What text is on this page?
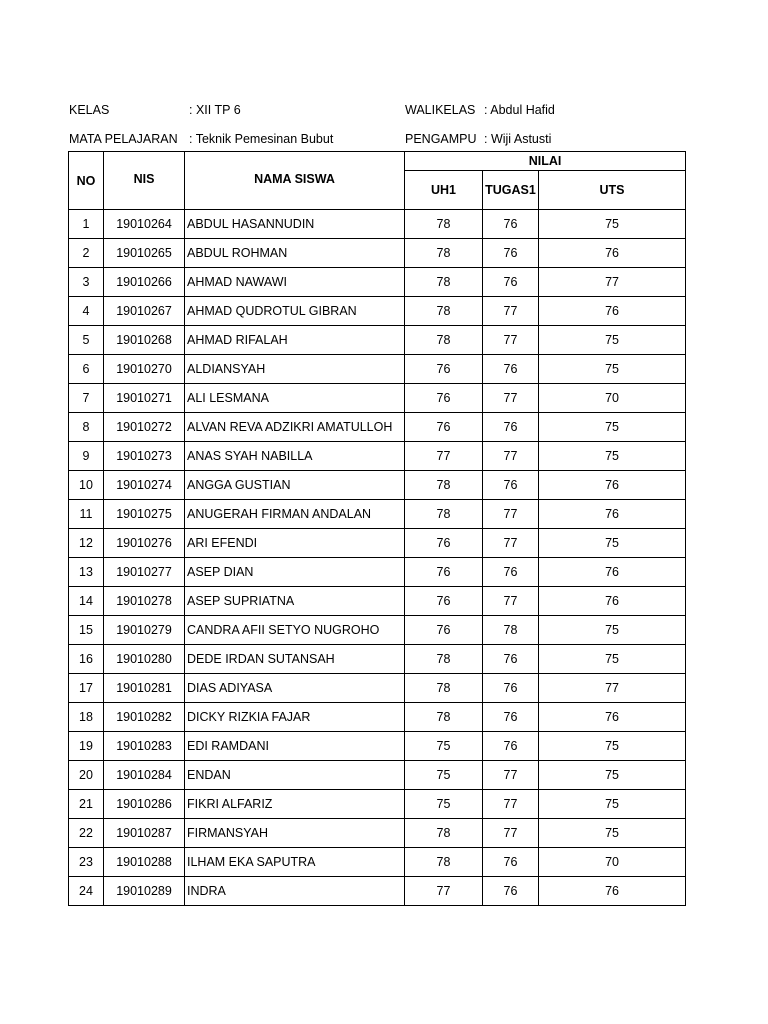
KELAS	: XII TP 6	WALIKELAS : Abdul Hafid
MATA PELAJARAN : Teknik Pemesinan Bubut	PENGAMPU : Wiji Astusti
NO	NIS	NAMA SISWA	NILAI		
			UH1	TUGAS1	UTS
1	19010264	ABDUL HASANNUDIN	78	76	75
2	19010265	ABDUL ROHMAN	78	76	76
3	19010266	AHMAD NAWAWI	78	76	77
4	19010267	AHMAD QUDROTUL GIBRAN	78	77	76
5	19010268	AHMAD RIFALAH	78	77	75
6	19010270	ALDIANSYAH	76	76	75
7	19010271	ALI LESMANA	76	77	70
8	19010272	ALVAN REVA ADZIKRI AMATULLOH	76	76	75
9	19010273	ANAS SYAH NABILLA	77	77	75
10	19010274	ANGGA GUSTIAN	78	76	76
11	19010275	ANUGERAH FIRMAN ANDALAN	78	77	76
12	19010276	ARI EFENDI	76	77	75
13	19010277	ASEP DIAN	76	76	76
14	19010278	ASEP SUPRIATNA	76	77	76
15	19010279	CANDRA AFII SETYO NUGROHO	76	78	75
16	19010280	DEDE IRDAN SUTANSAH	78	76	75
17	19010281	DIAS ADIYASA	78	76	77
18	19010282	DICKY RIZKIA FAJAR	78	76	76
19	19010283	EDI RAMDANI	75	76	75
20	19010284	ENDAN	75	77	75
21	19010286	FIKRI ALFARIZ	75	77	75
22	19010287	FIRMANSYAH	78	77	75
23	19010288	ILHAM EKA SAPUTRA	78	76	70
24	19010289	INDRA	77	76	76
